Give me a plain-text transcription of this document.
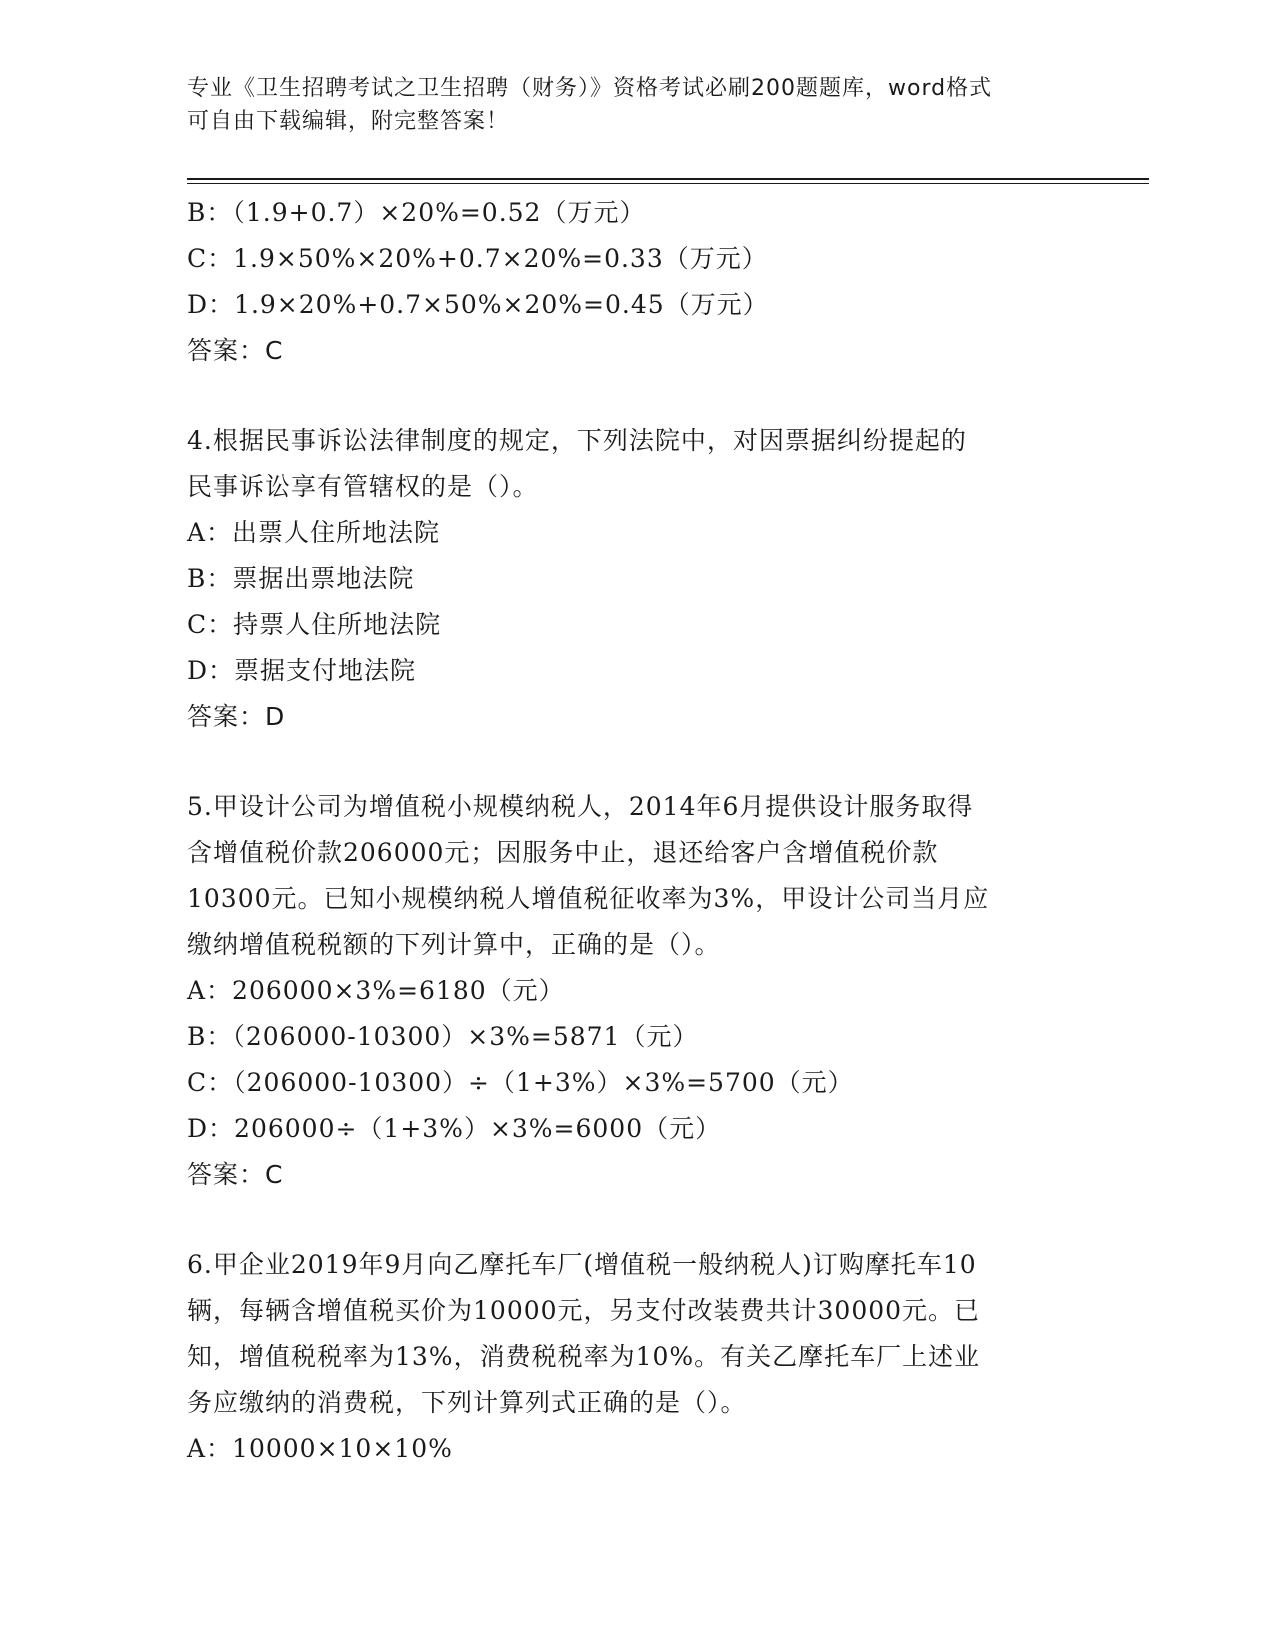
专业《卫生招聘考试之卫生招聘（财务）》资格考试必刷200题题库，word格式
可自由下载编辑，附完整答案！
B：（1.9+0.7）×20%=0.52（万元）
C：1.9×50%×20%+0.7×20%=0.33（万元）
D：1.9×20%+0.7×50%×20%=0.45（万元）
答案：C
4.根据民事诉讼法律制度的规定，下列法院中，对因票据纠纷提起的
民事诉讼享有管辖权的是（）。
A：出票人住所地法院
B：票据出票地法院
C：持票人住所地法院
D：票据支付地法院
答案：D
5.甲设计公司为增值税小规模纳税人，2014年6月提供设计服务取得
含增值税价款206000元；因服务中止，退还给客户含增值税价款
10300元。已知小规模纳税人增值税征收率为3%，甲设计公司当月应
缴纳增值税税额的下列计算中，正确的是（）。
A：206000×3%=6180（元）
B：（206000-10300）×3%=5871（元）
C：（206000-10300）÷（1+3%）×3%=5700（元）
D：206000÷（1+3%）×3%=6000（元）
答案：C
6.甲企业2019年9月向乙摩托车厂(增值税一般纳税人)订购摩托车10
辆，每辆含增值税买价为10000元，另支付改装费共计30000元。已
知，增值税税率为13%，消费税税率为10%。有关乙摩托车厂上述业
务应缴纳的消费税，下列计算列式正确的是（）。
A：10000×10×10%
